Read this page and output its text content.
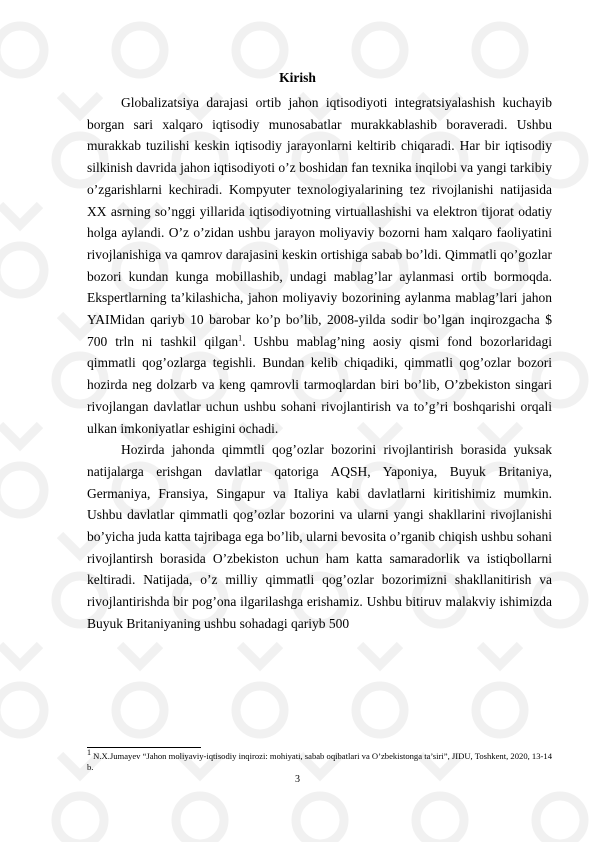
Kirish

Globalizatsiya darajasi ortib jahon iqtisodiyoti integratsiyalashish kuchayib borgan sari xalqaro iqtisodiy munosabatlar murakkablashib boraveradi. Ushbu murakkab tuzilishi keskin iqtisodiy jarayonlarni keltirib chiqaradi. Har bir iqtisodiy silkinish davrida jahon iqtisodiyoti o’z boshidan fan texnika inqilobi va yangi tarkibiy o’zgarishlarni kechiradi. Kompyuter texnologiyalarining tez rivojlanishi natijasida XX asrning so’nggi yillarida iqtisodiyotning virtuallashishi va elektron tijorat odatiy holga aylandi. O’z o’zidan ushbu jarayon moliyaviy bozorni ham xalqaro faoliyatini rivojlanishiga va qamrov darajasini keskin ortishiga sabab bo’ldi. Qimmatli qo’gozlar bozori kundan kunga mobillashib, undagi mablag’lar aylanmasi ortib bormoqda. Ekspertlarning ta’kilashicha, jahon moliyaviy bozorining aylanma mablag’lari jahon YAIMidan qariyb 10 barobar ko’p bo’lib, 2008-yilda sodir bo’lgan inqirozgacha $ 700 trln ni tashkil qilgan$^1$. Ushbu mablag’ning aosiy qismi fond bozorlaridagi qimmatli qog’ozlarga tegishli. Bundan kelib chiqadiki, qimmatli qog’ozlar bozori hozirda neg dolzarb va keng qamrovli tarmoqlardan biri bo’lib, O’zbekiston singari rivojlangan davlatlar uchun ushbu sohani rivojlantirish va to’g’ri boshqarishi orqali ulkan imkoniyatlar eshigini ochadi.

Hozirda jahonda qimmtli qog’ozlar bozorini rivojlantirish borasida yuksak natijalarga erishgan davlatlar qatoriga AQSH, Yaponiya, Buyuk Britaniya, Germaniya, Fransiya, Singapur va Italiya kabi davlatlarni kiritishimiz mumkin. Ushbu davlatlar qimmatli qog’ozlar bozorini va ularni yangi shakllarini rivojlanishi bo’yicha juda katta tajribaga ega bo’lib, ularni bevosita o’rganib chiqish ushbu sohani rivojlantirsh borasida O’zbekiston uchun ham katta samaradorlik va istiqbollarni keltiradi. Natijada, o’z milliy qimmatli qog’ozlar bozorimizni shakllanitirish va rivojlantirishda bir pog’ona ilgarilashga erishamiz. Ushbu bitiruv malakviy ishimizda Buyuk Britaniyaning ushbu sohadagi qariyb 500

$^1$ N.X.Jumayev “Jahon moliyaviy-iqtisodiy inqirozi: mohiyati, sabab oqibatlari va O’zbekistonga ta’siri”, JIDU, Toshkent, 2020, 13-14 b.
3
